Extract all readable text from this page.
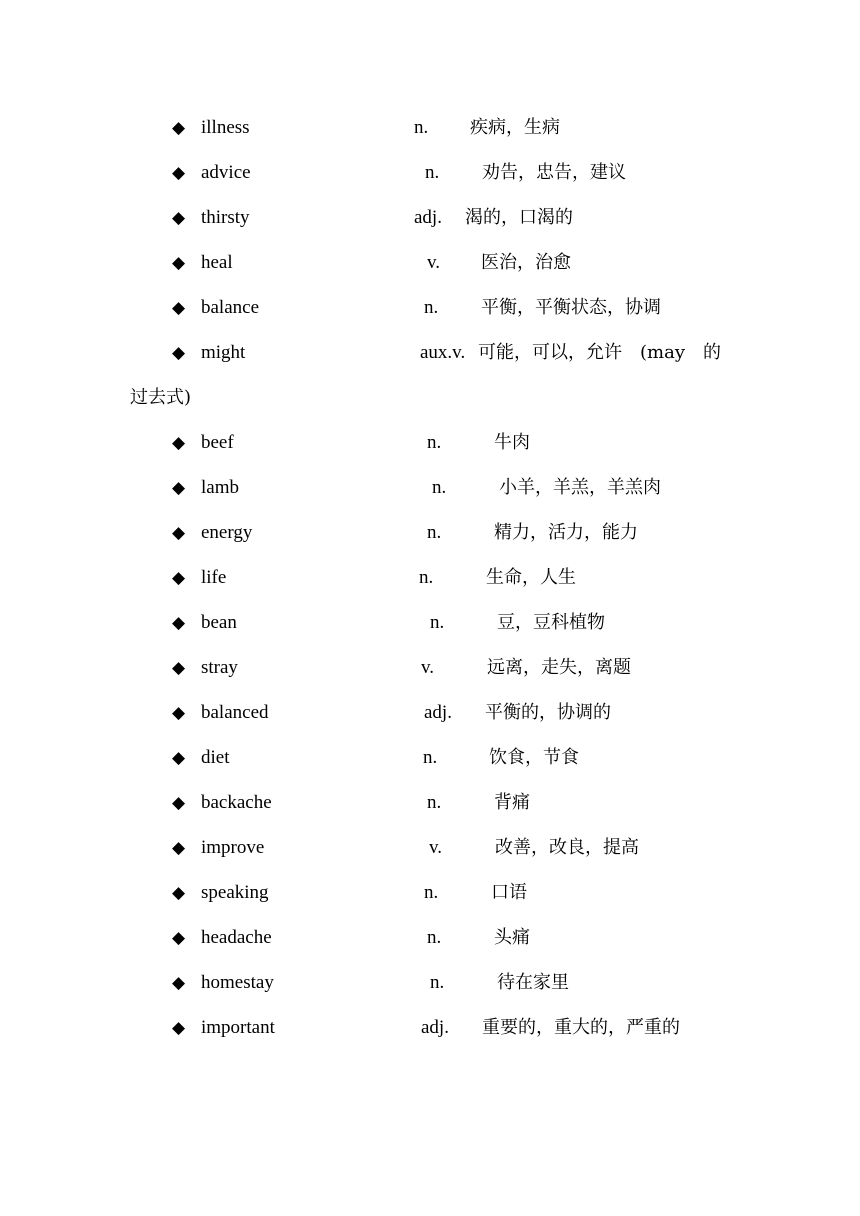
◆ illness	n. 疾病，生病
◆ advice	n. 劝告，忠告，建议
◆ thirsty	adj. 渴的，口渴的
◆ heal	v. 医治，治愈
◆ balance	n. 平衡，平衡状态，协调
◆ might	aux.v. 可能，可以，允许　(may　的
过去式)
◆ beef	n.	牛肉
◆ lamb	n.	小羊，羊羔，羊羔肉
◆ energy	n.	精力，活力，能力
◆ life	n.	生命，人生
◆ bean	n.	豆，豆科植物
◆ stray	v.	远离，走失，离题
◆ balanced	adj. 平衡的，协调的
◆ diet	n.	饮食，节食
◆ backache	n.	背痛
◆ improve	v.	改善，改良，提高
◆ speaking	n.	口语
◆ headache	n.	头痛
◆ homestay	n.	待在家里
◆ important	adj. 重要的，重大的，严重的
